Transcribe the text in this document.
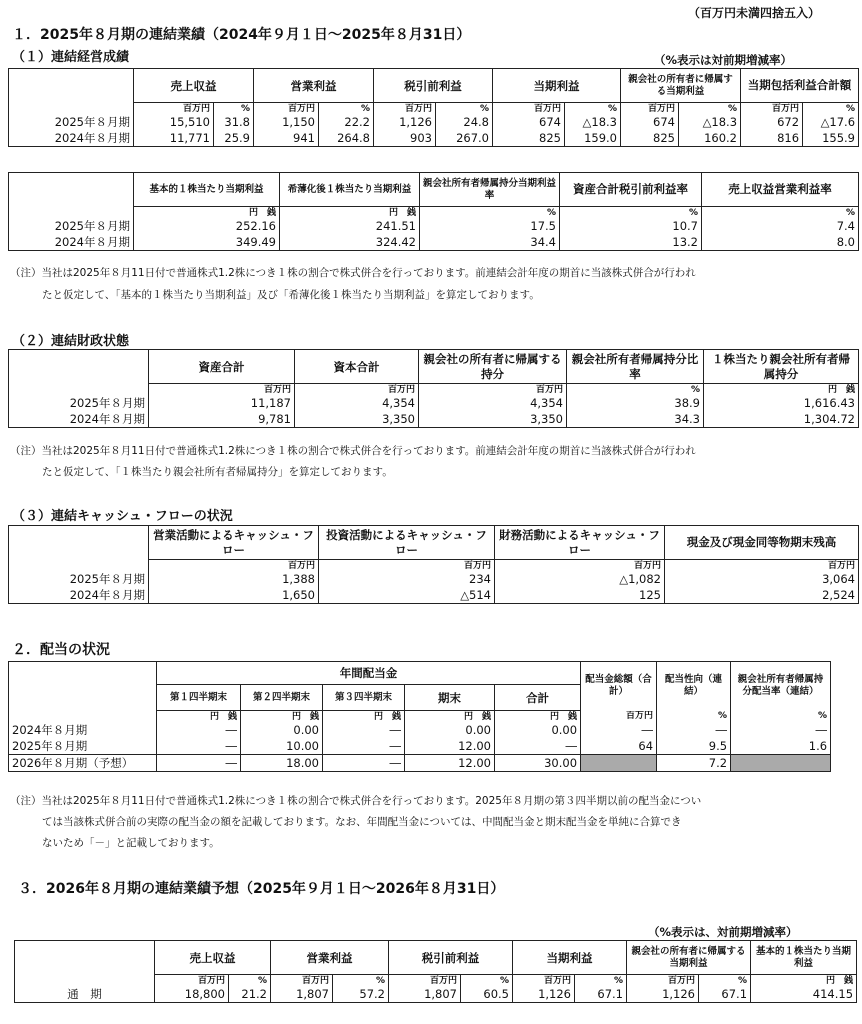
（百万円未満四捨五入）
１．2025年８月期の連結業績（2024年９月１日～2025年８月31日）
（１）連結経営成績	（%表示は対前期増減率）
	売上収益		営業利益		税引前利益		当期利益		親会社の所有者に帰属する当期利益		当期包括利益合計額	
	百万円	%	百万円	%	百万円	%	百万円	%	百万円	%	百万円	%
2025年８月期	15,510	31.8	1,150	22.2	1,126	24.8	674	△18.3	674	△18.3	672	△17.6
2024年８月期	11,771	25.9	941	264.8	903	267.0	825	159.0	825	160.2	816	155.9
	基本的１株当たり当期利益	希薄化後１株当たり当期利益	親会社所有者帰属持分当期利益率	資産合計税引前利益率	売上収益営業利益率
	円　銭	円　銭	%	%	%
2025年８月期	252.16	241.51	17.5	10.7	7.4
2024年８月期	349.49	324.42	34.4	13.2	8.0
（注）当社は2025年８月11日付で普通株式1.2株につき１株の割合で株式併合を行っております。前連結会計年度の期首に当該株式併合が行われ
たと仮定して、「基本的１株当たり当期利益」及び「希薄化後１株当たり当期利益」を算定しております。
（２）連結財政状態
	資産合計	資本合計	親会社の所有者に帰属する持分	親会社所有者帰属持分比率	１株当たり親会社所有者帰属持分
	百万円	百万円	百万円	%	円　銭
2025年８月期	11,187	4,354	4,354	38.9	1,616.43
2024年８月期	9,781	3,350	3,350	34.3	1,304.72
（注）当社は2025年８月11日付で普通株式1.2株につき１株の割合で株式併合を行っております。前連結会計年度の期首に当該株式併合が行われ
たと仮定して、「１株当たり親会社所有者帰属持分」を算定しております。
（３）連結キャッシュ・フローの状況
	営業活動によるキャッシュ・フロー	投資活動によるキャッシュ・フロー	財務活動によるキャッシュ・フロー	現金及び現金同等物期末残高
	百万円	百万円	百万円	百万円
2025年８月期	1,388	234	△1,082	3,064
2024年８月期	1,650	△514	125	2,524
２．配当の状況
	年間配当金					配当金総額（合計）	配当性向（連結）	親会社所有者帰属持分配当率（連結）
	第１四半期末	第２四半期末	第３四半期末	期末	合計			
	円　銭	円　銭	円　銭	円　銭	円　銭	百万円	%	%
2024年８月期	―	0.00	―	0.00	0.00	―	―	―
2025年８月期	―	10.00	―	12.00	―	64	9.5	1.6
2026年８月期（予想）	―	18.00	―	12.00	30.00		7.2	
（注）当社は2025年８月11日付で普通株式1.2株につき１株の割合で株式併合を行っております。2025年８月期の第３四半期以前の配当金につい
ては当該株式併合前の実際の配当金の額を記載しております。なお、年間配当金については、中間配当金と期末配当金を単純に合算でき
ないため「－」と記載しております。
３．2026年８月期の連結業績予想（2025年９月１日～2026年８月31日）
（%表示は、対前期増減率）
	売上収益		営業利益		税引前利益		当期利益		親会社の所有者に帰属する当期利益		基本的１株当たり当期利益
	百万円	%	百万円	%	百万円	%	百万円	%	百万円	%	円　銭
通　期	18,800	21.2	1,807	57.2	1,807	60.5	1,126	67.1	1,126	67.1	414.15
